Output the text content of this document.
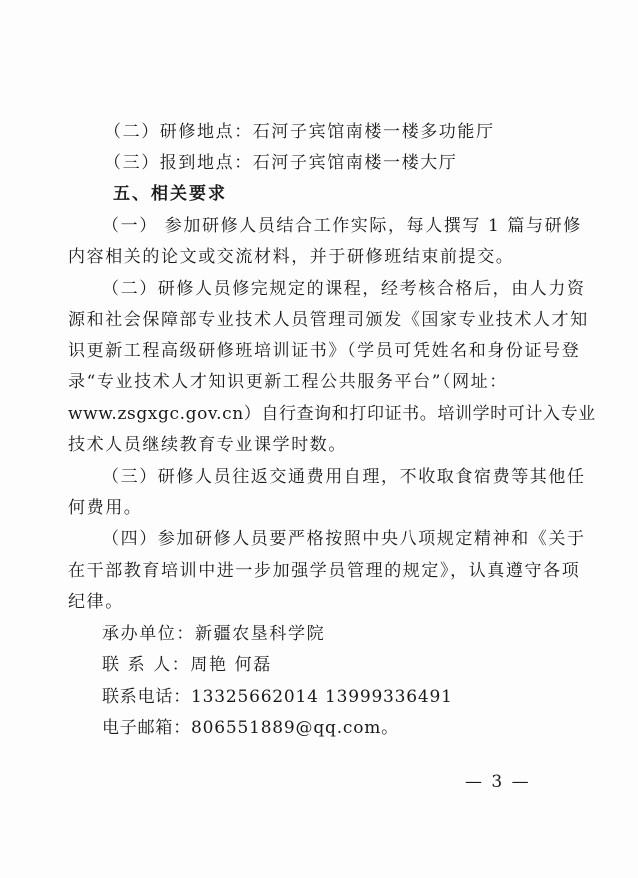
（二）研修地点：石河子宾馆南楼一楼多功能厅
（三）报到地点：石河子宾馆南楼一楼大厅
五、相关要求
（一） 参加研修人员结合工作实际，每人撰写 1 篇与研修
内容相关的论文或交流材料，并于研修班结束前提交。
（二）研修人员修完规定的课程，经考核合格后，由人力资
源和社会保障部专业技术人员管理司颁发《国家专业技术人才知
识更新工程高级研修班培训证书》（学员可凭姓名和身份证号登
录“专业技术人才知识更新工程公共服务平台”（网址：
www.zsgxgc.gov.cn）自行查询和打印证书。培训学时可计入专业
技术人员继续教育专业课学时数。
（三）研修人员往返交通费用自理，不收取食宿费等其他任
何费用。
（四）参加研修人员要严格按照中央八项规定精神和《关于
在干部教育培训中进一步加强学员管理的规定》，认真遵守各项
纪律。
承办单位：新疆农垦科学院
联 系 人：周艳 何磊
联系电话：13325662014 13999336491
电子邮箱：806551889@qq.com。
— 3 —
